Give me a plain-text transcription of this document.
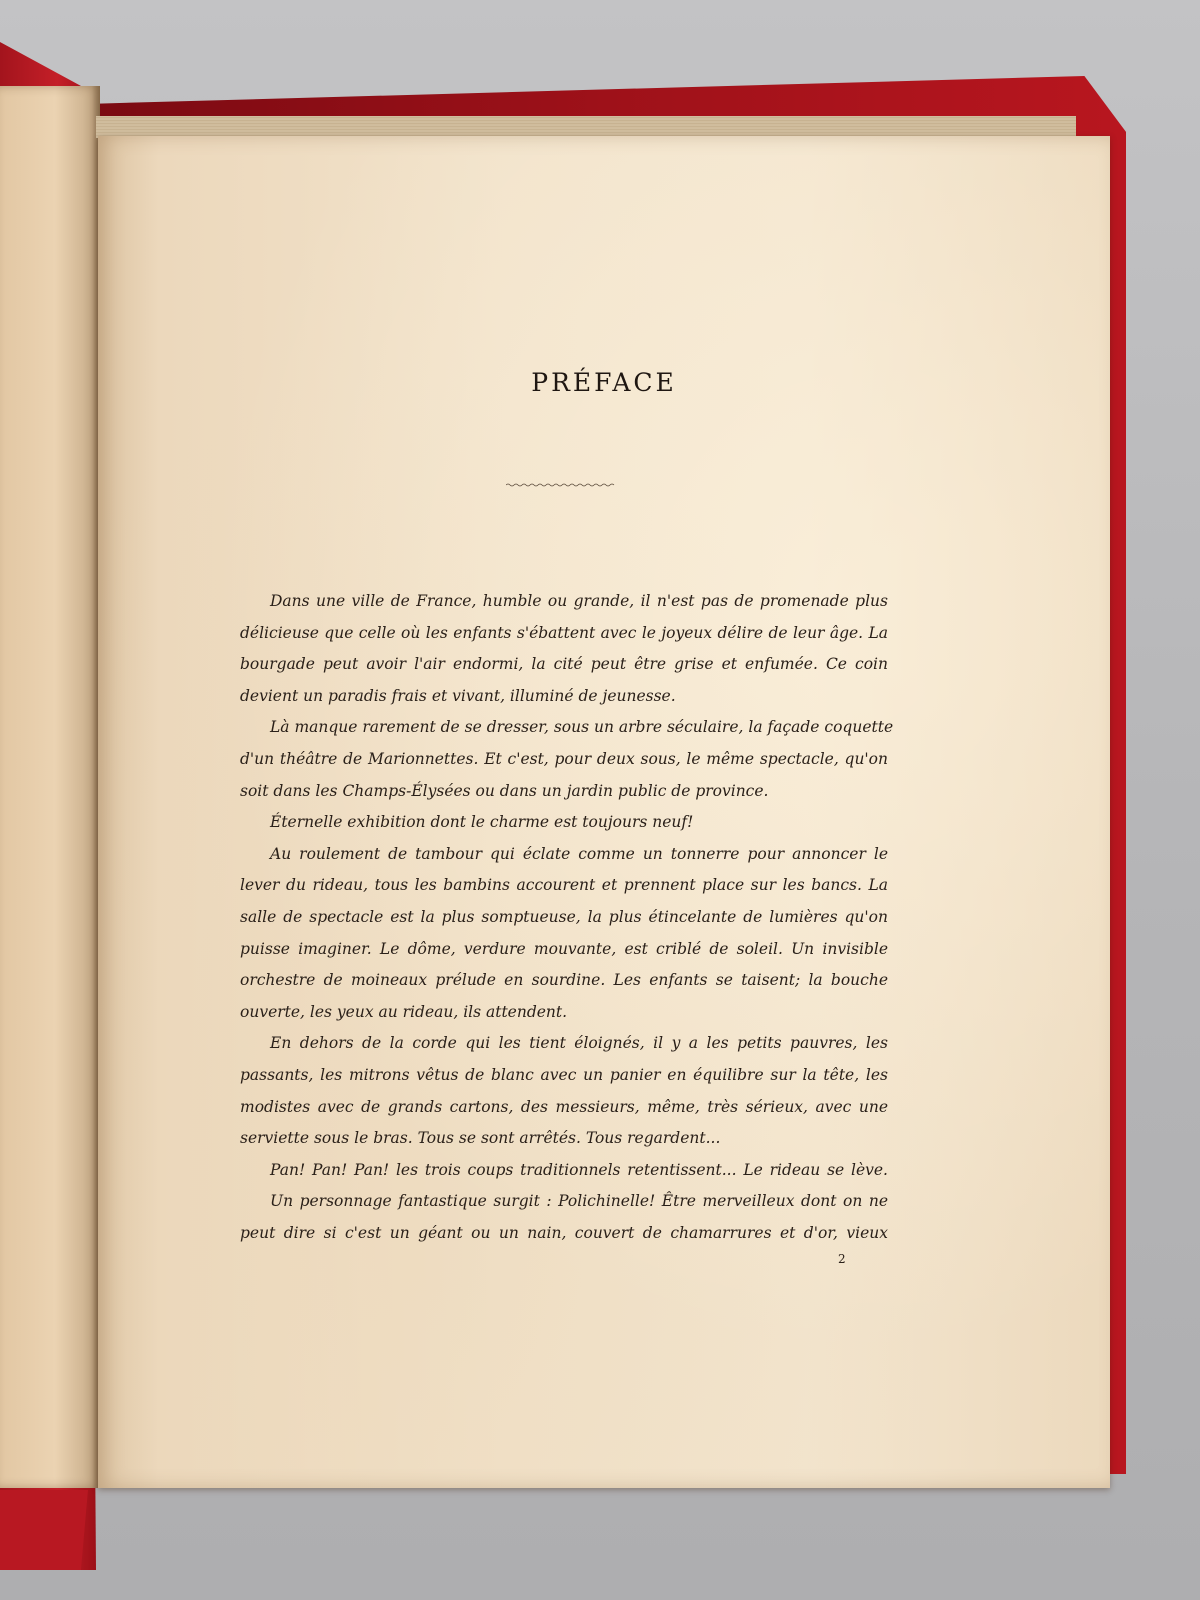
PRÉFACE
Dans une ville de France, humble ou grande, il n'est pas de promenade plus
délicieuse que celle où les enfants s'ébattent avec le joyeux délire de leur âge. La
bourgade peut avoir l'air endormi, la cité peut être grise et enfumée. Ce coin
devient un paradis frais et vivant, illuminé de jeunesse.
Là manque rarement de se dresser, sous un arbre séculaire, la façade coquette
d'un théâtre de Marionnettes. Et c'est, pour deux sous, le même spectacle, qu'on
soit dans les Champs-Élysées ou dans un jardin public de province.
Éternelle exhibition dont le charme est toujours neuf!
Au roulement de tambour qui éclate comme un tonnerre pour annoncer le
lever du rideau, tous les bambins accourent et prennent place sur les bancs. La
salle de spectacle est la plus somptueuse, la plus étincelante de lumières qu'on
puisse imaginer. Le dôme, verdure mouvante, est criblé de soleil. Un invisible
orchestre de moineaux prélude en sourdine. Les enfants se taisent; la bouche
ouverte, les yeux au rideau, ils attendent.
En dehors de la corde qui les tient éloignés, il y a les petits pauvres, les
passants, les mitrons vêtus de blanc avec un panier en équilibre sur la tête, les
modistes avec de grands cartons, des messieurs, même, très sérieux, avec une
serviette sous le bras. Tous se sont arrêtés. Tous regardent...
Pan! Pan! Pan! les trois coups traditionnels retentissent... Le rideau se lève.
Un personnage fantastique surgit : Polichinelle! Être merveilleux dont on ne
peut dire si c'est un géant ou un nain, couvert de chamarrures et d'or, vieux
2
